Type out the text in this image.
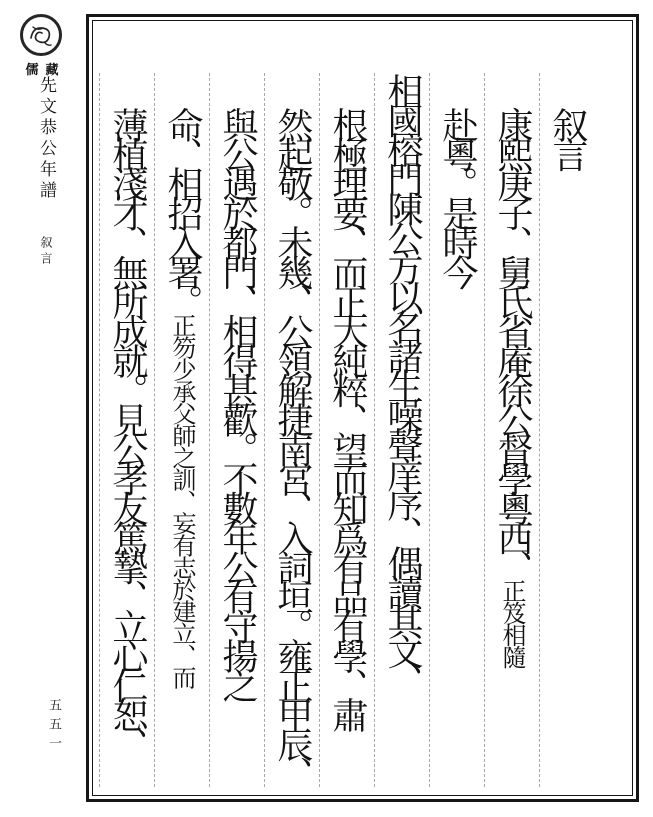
儒藏
先文恭公年譜叙言
五五一
叙言
康熙庚子、舅氏省庵徐公督學粵西、正笈相隨
赴粵。是時今
相國榕門陳公方以名諸生噪聲庠序、偶讀其文、
根極理要、而正大純粹、望而知爲有品有學、肅
然起敬。未幾、公領解捷南宮、入詞垣。雍正甲辰、
與公遇於都門、相得甚歡。不數年公有守揚之
命、相招入署。正笏少承父師之訓、妄有志於建立、而
薄植淺才、無所成就。見公孝友篤摯、立心仁恕、
